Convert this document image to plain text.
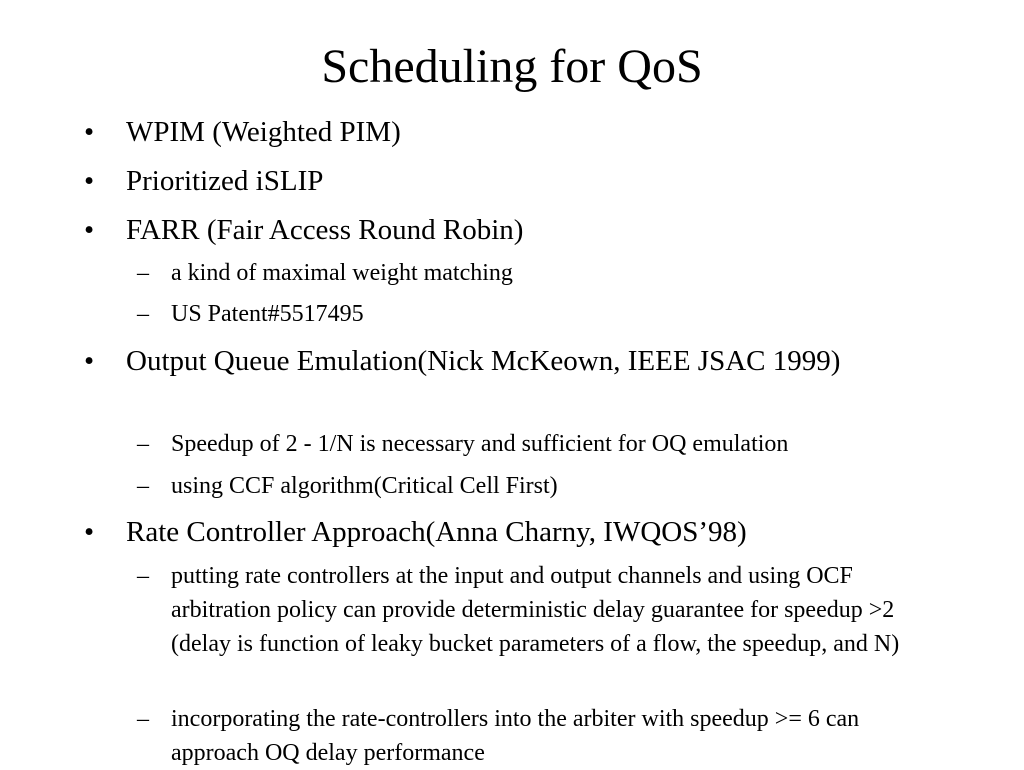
Scheduling for QoS
• WPIM (Weighted PIM)
• Prioritized iSLIP
• FARR (Fair Access Round Robin)
– a kind of maximal weight matching
– US Patent#5517495
• Output Queue Emulation(Nick McKeown, IEEE JSAC 1999)
– Speedup of 2 - 1/N is necessary and sufficient for OQ emulation
– using CCF algorithm(Critical Cell First)
• Rate Controller Approach(Anna Charny, IWQOS’98)
– putting rate controllers at the input and output channels and using OCF arbitration policy can provide deterministic delay guarantee for speedup >2 (delay is function of leaky bucket parameters of a flow, the speedup, and N)
– incorporating the rate-controllers into the arbiter with speedup >= 6 can approach OQ delay performance
